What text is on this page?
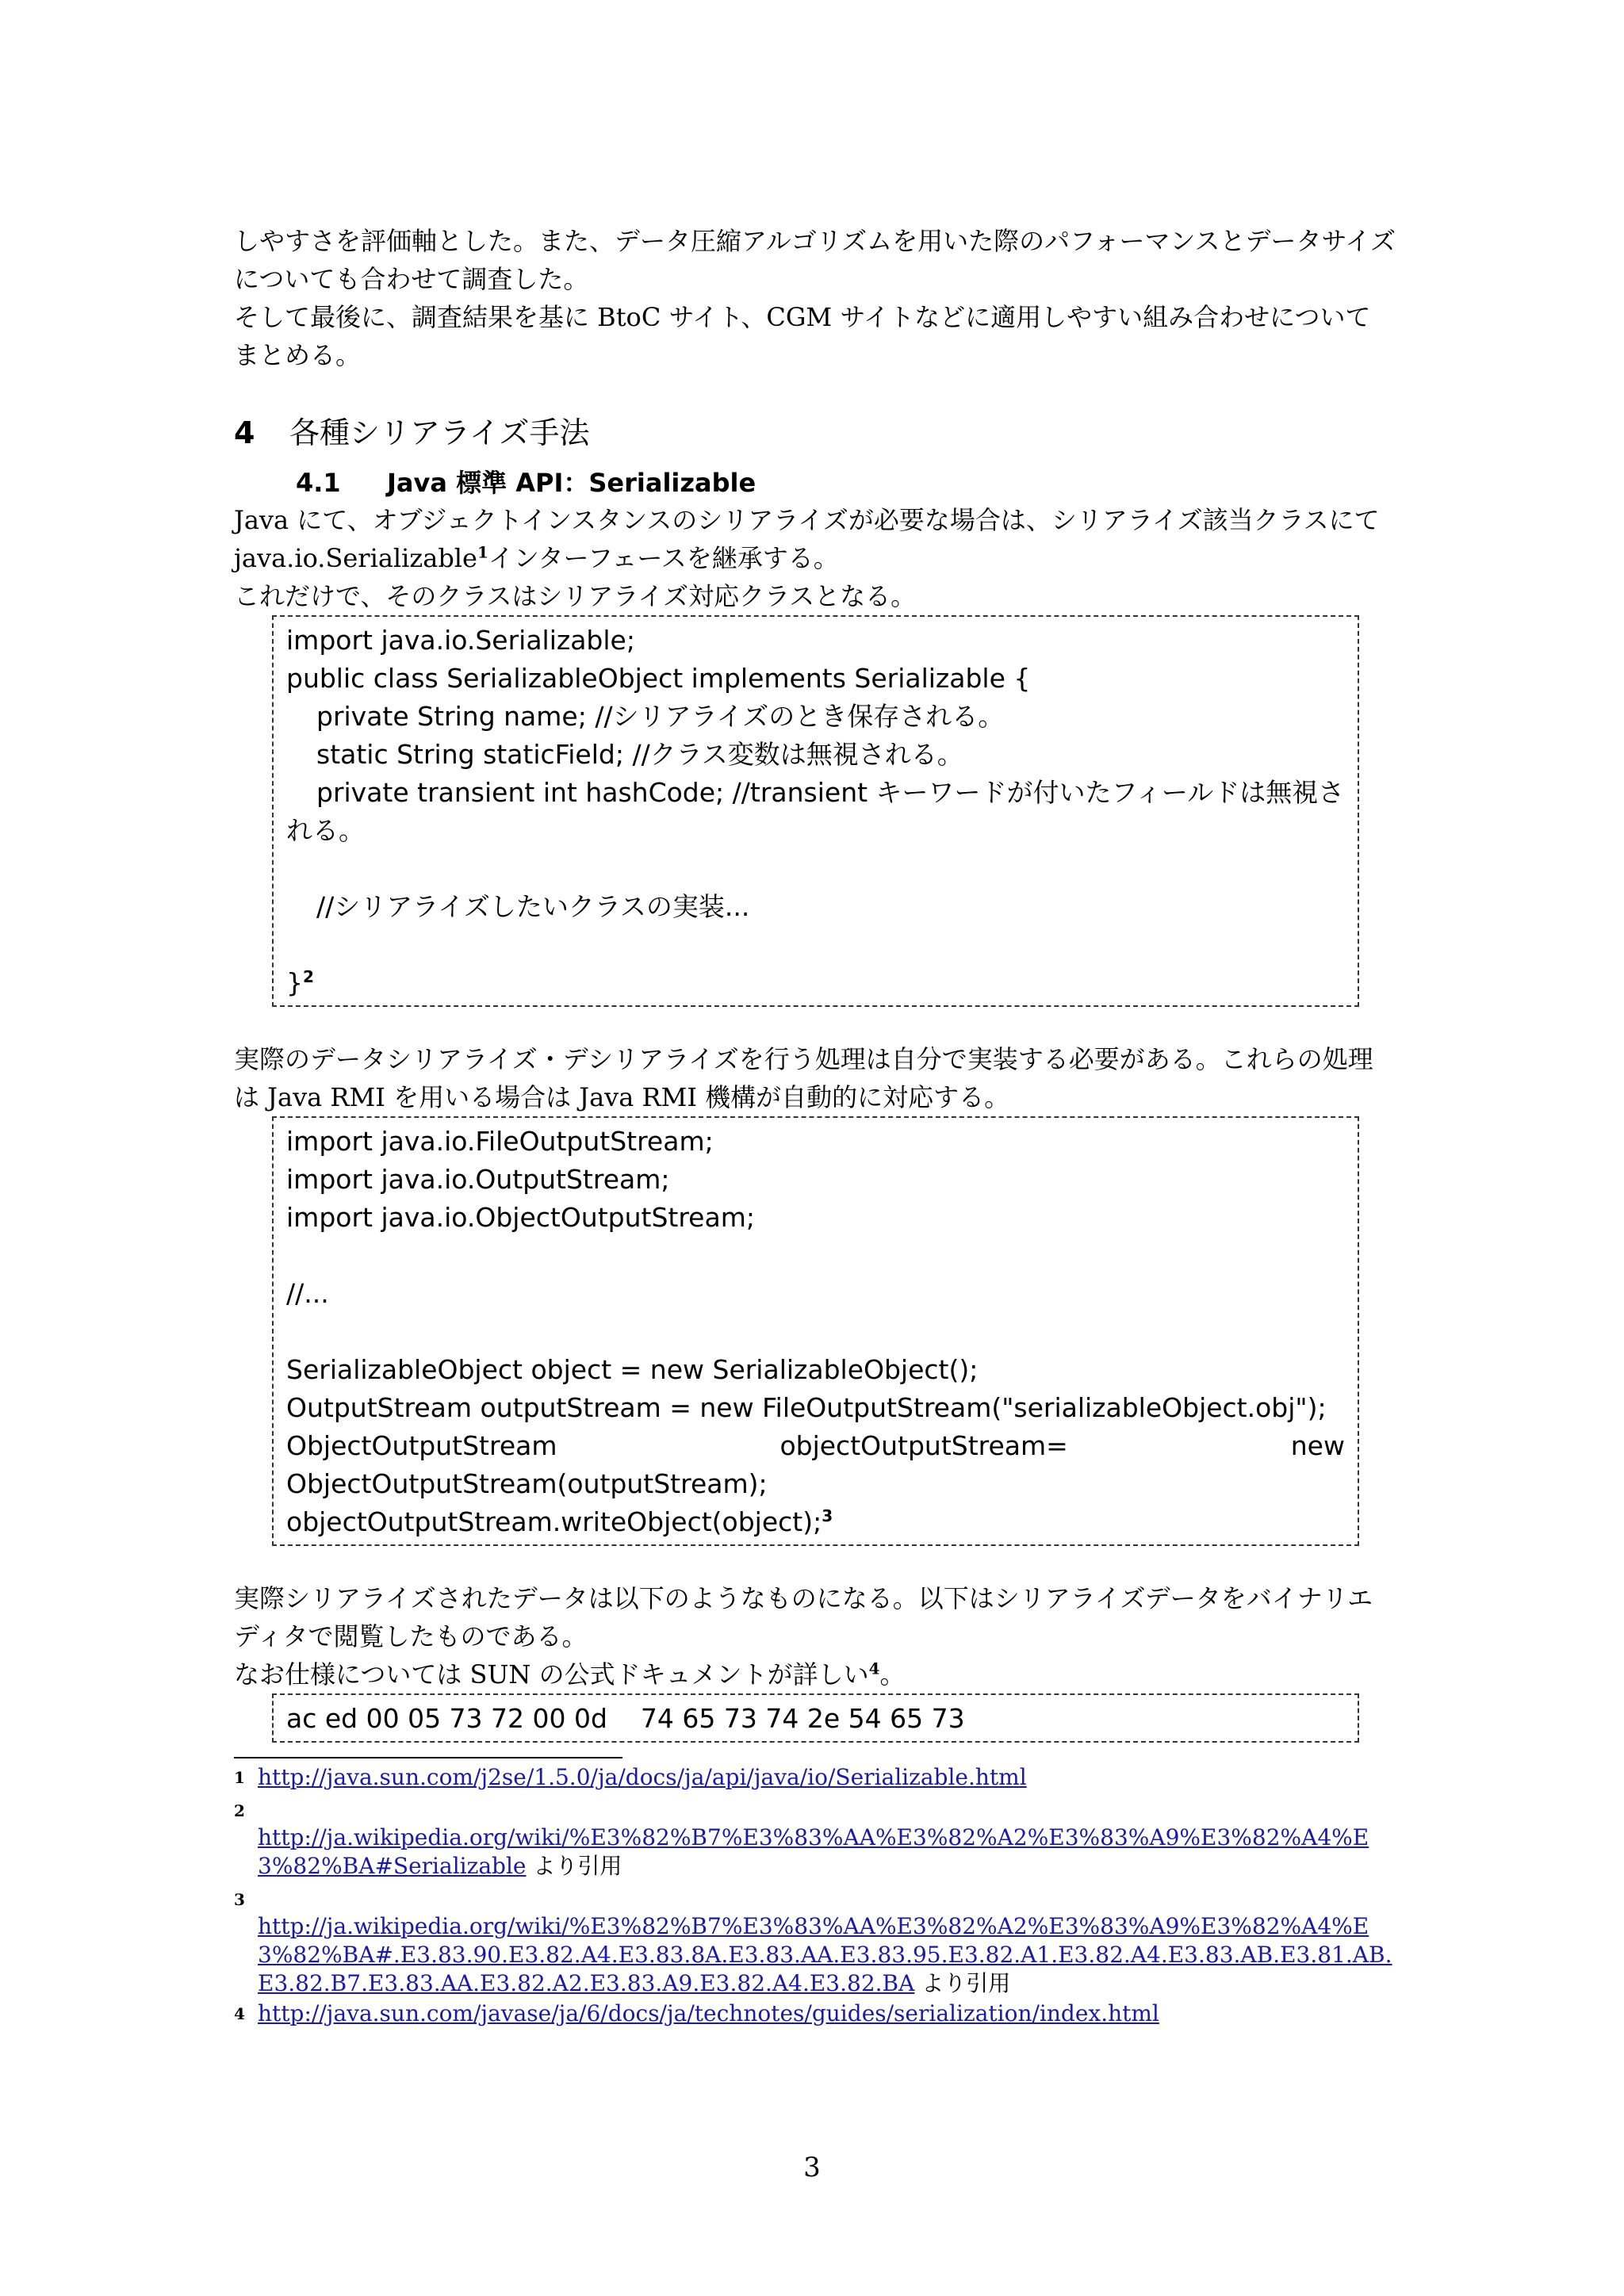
しやすさを評価軸とした。また、データ圧縮アルゴリズムを用いた際のパフォーマンスとデータサイズについても合わせて調査した。

そして最後に、調査結果を基に BtoC サイト、CGM サイトなどに適用しやすい組み合わせについてまとめる。

4	各種シリアライズ手法
4.1	Java 標準 API：Serializable

Java にて、オブジェクトインスタンスのシリアライズが必要な場合は、シリアライズ該当クラスにて java.io.Serializable$^1$インターフェースを継承する。

これだけで、そのクラスはシリアライズ対応クラスとなる。

import java.io.Serializable;
public class SerializableObject implements Serializable {
private String name; //シリアライズのとき保存される。
static String staticField; //クラス変数は無視される。
private transient int hashCode; //transient キーワードが付いたフィールドは無視される。
//シリアライズしたいクラスの実装...
}$^2$

実際のデータシリアライズ・デシリアライズを行う処理は自分で実装する必要がある。これらの処理は Java RMI を用いる場合は Java RMI 機構が自動的に対応する。

import java.io.FileOutputStream;
import java.io.OutputStream;
import java.io.ObjectOutputStream;
//...
SerializableObject object = new SerializableObject();
OutputStream outputStream = new FileOutputStream("serializableObject.obj");
ObjectOutputStream	objectOutputStream=	new
ObjectOutputStream(outputStream);
objectOutputStream.writeObject(object);$^3$

実際シリアライズされたデータは以下のようなものになる。以下はシリアライズデータをバイナリエディタで閲覧したものである。

なお仕様については SUN の公式ドキュメントが詳しい$^4$。

ac ed 00 05 73 72 00 0d    74 65 73 74 2e 54 65 73
1 http://java.sun.com/j2se/1.5.0/ja/docs/ja/api/java/io/Serializable.html
2
http://ja.wikipedia.org/wiki/%E3%82%B7%E3%83%AA%E3%82%A2%E3%83%A9%E3%82%A4%E3%82%BA#Serializable より引用
3
http://ja.wikipedia.org/wiki/%E3%82%B7%E3%83%AA%E3%82%A2%E3%83%A9%E3%82%A4%E3%82%BA#.E3.83.90.E3.82.A4.E3.83.8A.E3.83.AA.E3.83.95.E3.82.A1.E3.82.A4.E3.83.AB.E3.81.AB.E3.82.B7.E3.83.AA.E3.82.A2.E3.83.A9.E3.82.A4.E3.82.BA より引用
4 http://java.sun.com/javase/ja/6/docs/ja/technotes/guides/serialization/index.html
3
